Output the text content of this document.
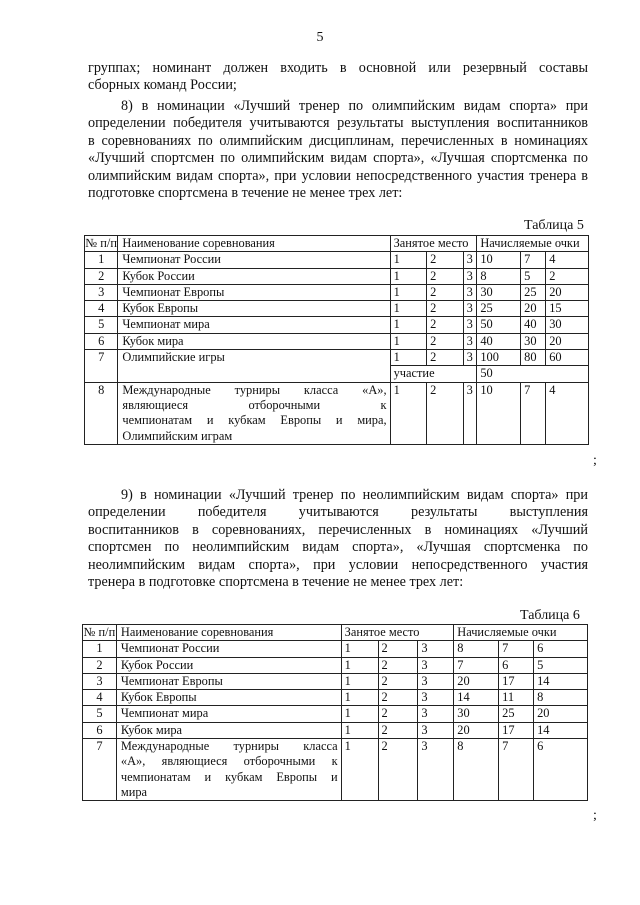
5

группах; номинант должен входить в основной или резервный составы
сборных команд России;

8) в номинации «Лучший тренер по олимпийским видам спорта» при
определении победителя учитываются результаты выступления воспитанников
в соревнованиях по олимпийским дисциплинам, перечисленных в номинациях
«Лучший спортсмен по олимпийским видам спорта», «Лучшая спортсменка по
олимпийским видам спорта», при условии непосредственного участия тренера в
подготовке спортсмена в течение не менее трех лет:

Таблица 5
№ п/п	Наименование соревнования	Занятое место			Начисляемые очки		
1	Чемпионат России	1	2	3	10	7	4
2	Кубок России	1	2	3	8	5	2
3	Чемпионат Европы	1	2	3	30	25	20
4	Кубок Европы	1	2	3	25	20	15
5	Чемпионат мира	1	2	3	50	40	30
6	Кубок мира	1	2	3	40	30	20
7	Олимпийские игры	1	2	3	100	80	60
		участие			50		
8	Международные турниры класса «А»,
являющиеся отборочными к
чемпионатам и кубкам Европы и мира,
Олимпийским играм	1	2	3	10	7	4
;

9) в номинации «Лучший тренер по неолимпийским видам спорта» при
определении победителя учитываются результаты выступления
воспитанников в соревнованиях, перечисленных в номинациях «Лучший
спортсмен по неолимпийским видам спорта», «Лучшая спортсменка по
неолимпийским видам спорта», при условии непосредственного участия
тренера в подготовке спортсмена в течение не менее трех лет:

Таблица 6
№ п/п	Наименование соревнования	Занятое место			Начисляемые очки		
1	Чемпионат России	1	2	3	8	7	6
2	Кубок России	1	2	3	7	6	5
3	Чемпионат Европы	1	2	3	20	17	14
4	Кубок Европы	1	2	3	14	11	8
5	Чемпионат мира	1	2	3	30	25	20
6	Кубок мира	1	2	3	20	17	14
7	Международные турниры класса
«А», являющиеся отборочными к
чемпионатам и кубкам Европы и
мира	1	2	3	8	7	6
;
